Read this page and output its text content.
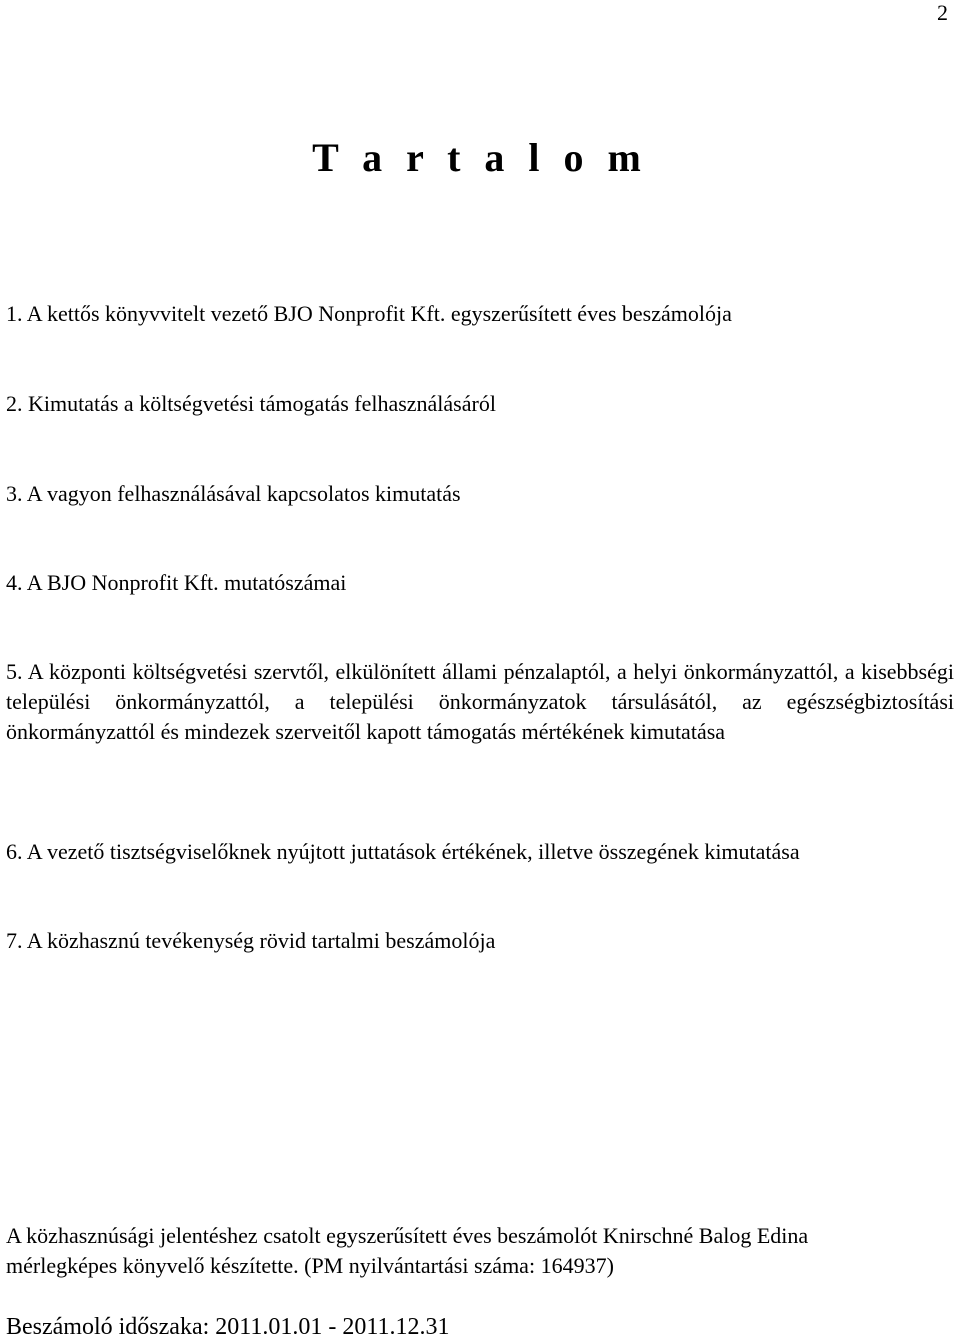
2
T a r t a l o m
1. A kettős könyvvitelt vezető BJO Nonprofit Kft. egyszerűsített éves beszámolója
2. Kimutatás a költségvetési támogatás felhasználásáról
3. A vagyon felhasználásával kapcsolatos kimutatás
4. A BJO Nonprofit Kft. mutatószámai
5. A központi költségvetési szervtől, elkülönített állami pénzalaptól, a helyi önkormányzattól, a kisebbségi települési önkormányzattól, a települési önkormányzatok társulásától, az egészségbiztosítási önkormányzattól és mindezek szerveitől kapott támogatás mértékének kimutatása
6. A vezető tisztségviselőknek nyújtott juttatások értékének, illetve összegének kimutatása
7. A közhasznú tevékenység rövid tartalmi beszámolója
A közhasznúsági jelentéshez csatolt egyszerűsített éves beszámolót Knirschné Balog Edina
mérlegképes könyvelő készítette. (PM nyilvántartási száma: 164937)
Beszámoló időszaka: 2011.01.01 - 2011.12.31
